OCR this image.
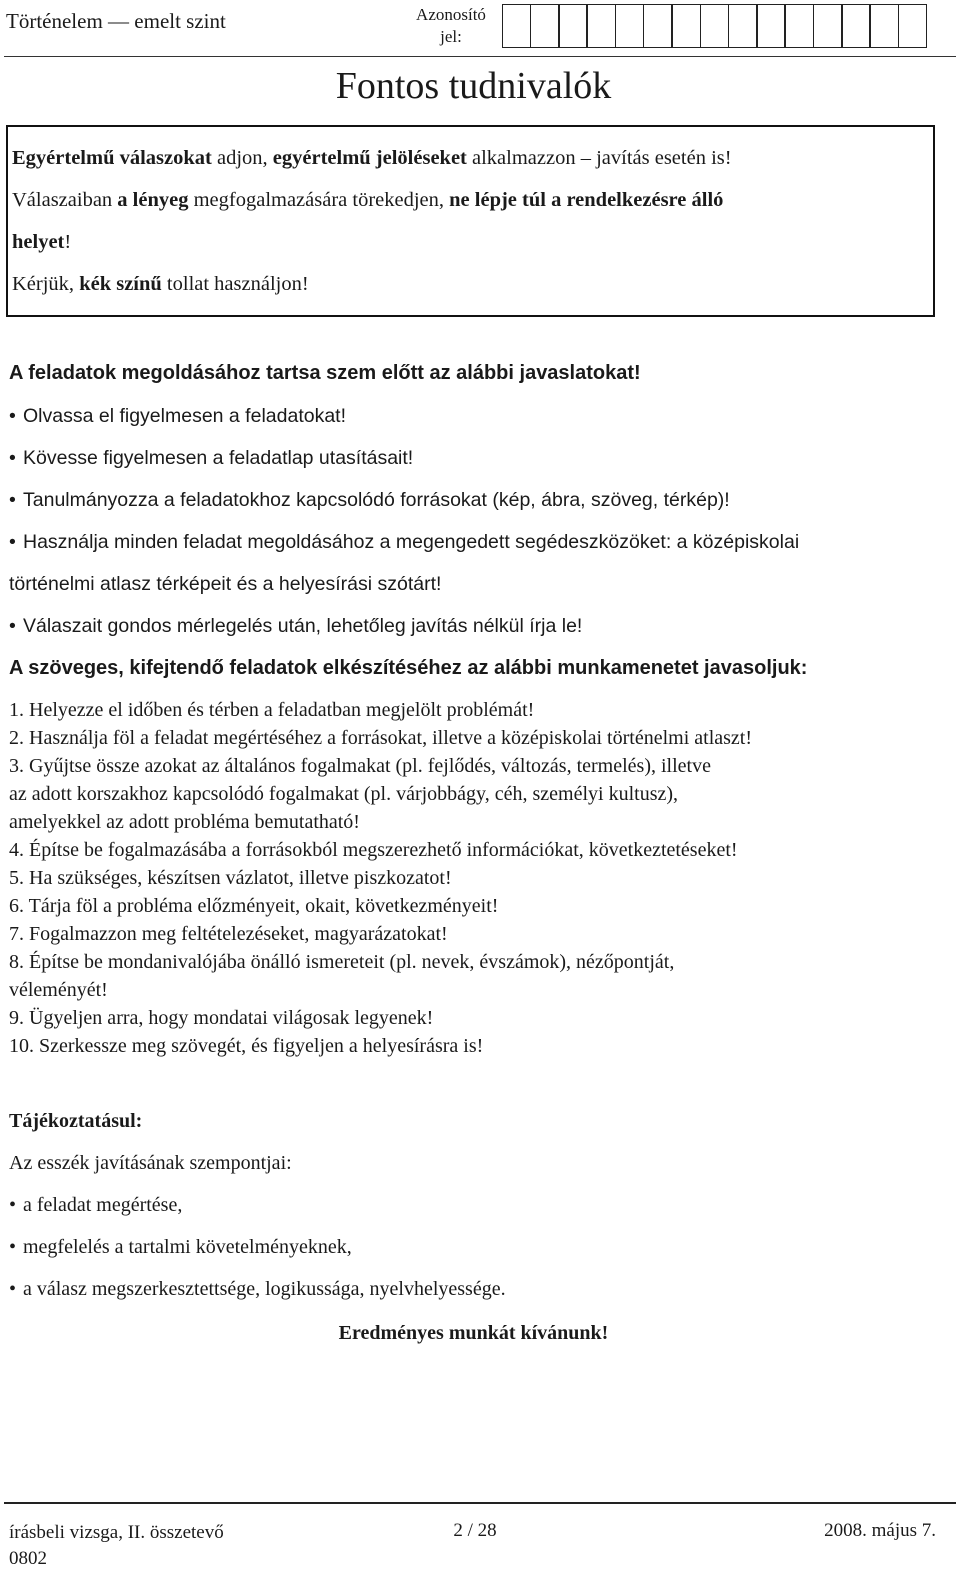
Történelem — emelt szint	Azonosító
jel:
Fontos tudnivalók
Egyértelmű válaszokat adjon, egyértelmű jelöléseket alkalmazzon – javítás esetén is!
Válaszaiban a lényeg megfogalmazására törekedjen, ne lépje túl a rendelkezésre álló
helyet!
Kérjük, kék színű tollat használjon!
A feladatok megoldásához tartsa szem előtt az alábbi javaslatokat!
• Olvassa el figyelmesen a feladatokat!
• Kövesse figyelmesen a feladatlap utasításait!
• Tanulmányozza a feladatokhoz kapcsolódó forrásokat (kép, ábra, szöveg, térkép)!
• Használja minden feladat megoldásához a megengedett segédeszközöket: a középiskolai
történelmi atlasz térképeit és a helyesírási szótárt!
• Válaszait gondos mérlegelés után, lehetőleg javítás nélkül írja le!
A szöveges, kifejtendő feladatok elkészítéséhez az alábbi munkamenetet javasoljuk:
1. Helyezze el időben és térben a feladatban megjelölt problémát!
2. Használja föl a feladat megértéséhez a forrásokat, illetve a középiskolai történelmi atlaszt!
3. Gyűjtse össze azokat az általános fogalmakat (pl. fejlődés, változás, termelés), illetve
az adott korszakhoz kapcsolódó fogalmakat (pl. várjobbágy, céh, személyi kultusz),
amelyekkel az adott probléma bemutatható!
4. Építse be fogalmazásába a forrásokból megszerezhető információkat, következtetéseket!
5. Ha szükséges, készítsen vázlatot, illetve piszkozatot!
6. Tárja föl a probléma előzményeit, okait, következményeit!
7. Fogalmazzon meg feltételezéseket, magyarázatokat!
8. Építse be mondanivalójába önálló ismereteit (pl. nevek, évszámok), nézőpontját,
véleményét!
9. Ügyeljen arra, hogy mondatai világosak legyenek!
10. Szerkessze meg szövegét, és figyeljen a helyesírásra is!
Tájékoztatásul:
Az esszék javításának szempontjai:
• a feladat megértése,
• megfelelés a tartalmi követelményeknek,
• a válasz megszerkesztettsége, logikussága, nyelvhelyessége.
Eredményes munkát kívánunk!
írásbeli vizsga, II. összetevő
0802
2 / 28	2008. május 7.
